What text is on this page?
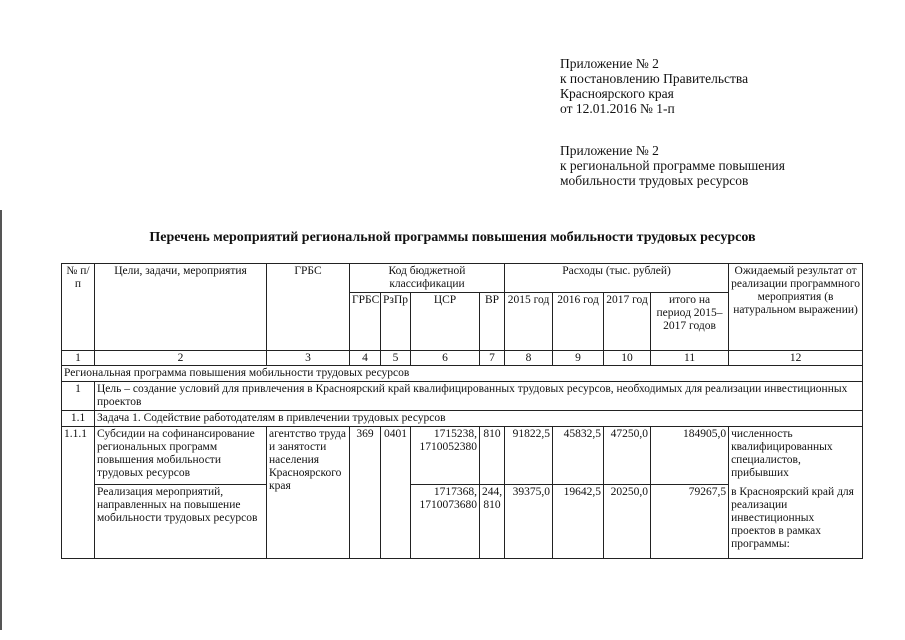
Приложение № 2
к постановлению Правительства
Красноярского края
от 12.01.2016 № 1-п
Приложение № 2
к региональной программе повышения
мобильности трудовых ресурсов
Перечень мероприятий региональной программы повышения мобильности трудовых ресурсов
№ п/п	Цели, задачи, мероприятия	ГРБС	Код бюджетной классификации				Расходы (тыс. рублей)				Ожидаемый результат от реализации программного мероприятия (в натуральном выражении)
			ГРБС	РзПр	ЦСР	ВР	2015 год	2016 год	2017 год	итого на период 2015–2017 годов	
1	2	3	4	5	6	7	8	9	10	11	12
Региональная программа повышения мобильности трудовых ресурсов											
1	Цель – создание условий для привлечения в Красноярский край квалифицированных трудовых ресурсов, необходимых для реализации инвестиционных проектов										
1.1	Задача 1. Содействие работодателям в привлечении трудовых ресурсов										
1.1.1	Субсидии на софинансирование региональных программ повышения мобильности трудовых ресурсов	агентство труда и занятости населения Красноярского края	369	0401	1715238, 1710052380	810	91822,5	45832,5	47250,0	184905,0	численность квалифицированных специалистов, прибывших
	Реализация мероприятий, направленных на повышение мобильности трудовых ресурсов				1717368, 1710073680	244, 810	39375,0	19642,5	20250,0	79267,5	в Красноярский край для реализации инвестиционных проектов в рамках программы:
